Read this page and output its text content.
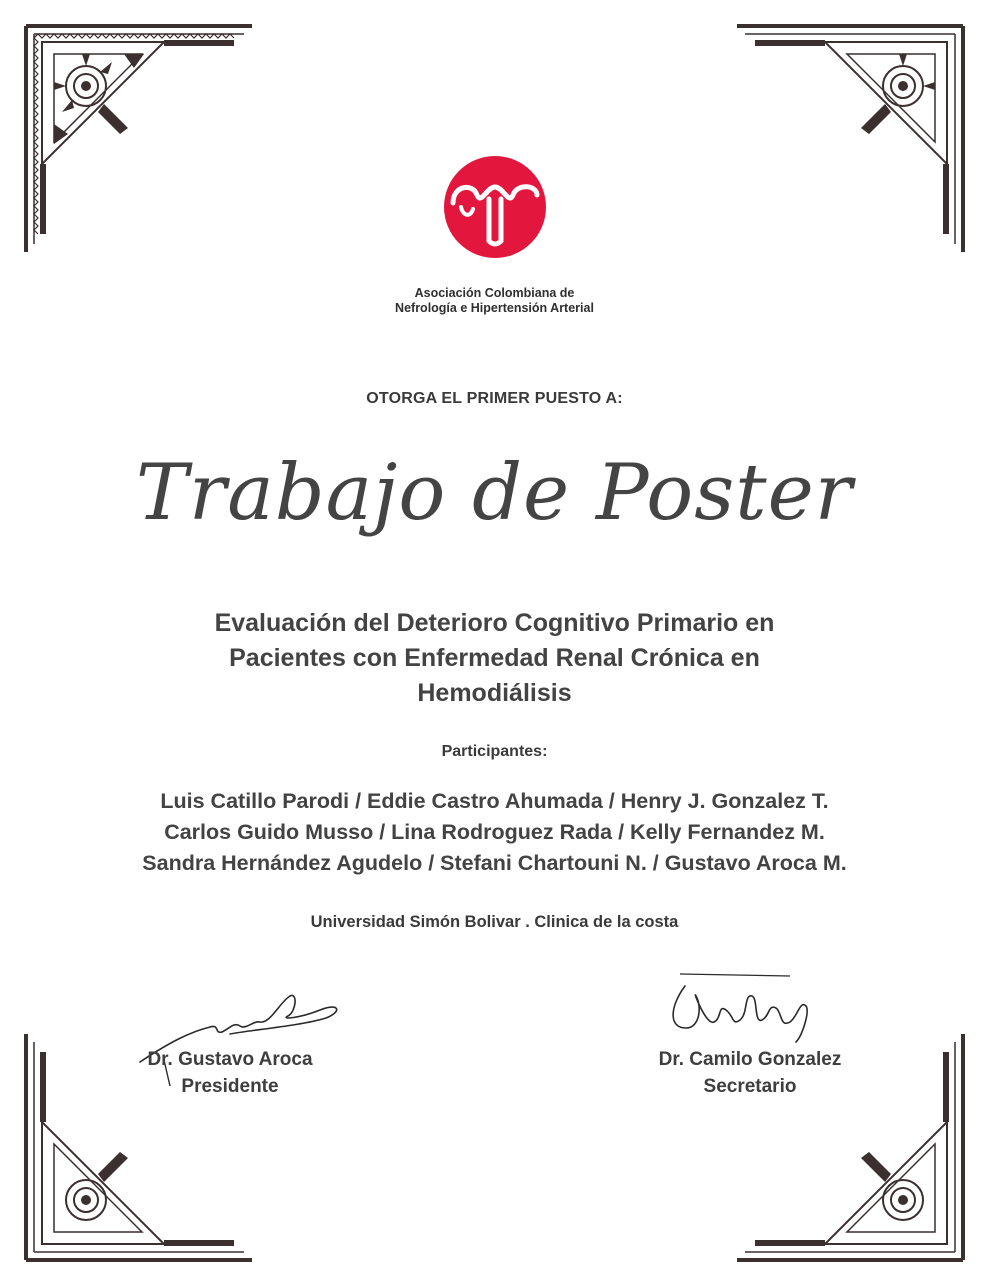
Asociación Colombiana de
Nefrología e Hipertensión Arterial
OTORGA EL PRIMER PUESTO A:
Trabajo de Poster
Evaluación del Deterioro Cognitivo Primario en
Pacientes con Enfermedad Renal Crónica en
Hemodiálisis
Participantes:
Luis Catillo Parodi / Eddie Castro Ahumada / Henry J. Gonzalez T.
Carlos Guido Musso / Lina Rodroguez Rada / Kelly Fernandez M.
Sandra Hernández Agudelo / Stefani Chartouni N. / Gustavo Aroca M.
Universidad Simón Bolivar . Clinica de la costa
Dr. Gustavo Aroca
Presidente
Dr. Camilo Gonzalez
Secretario
